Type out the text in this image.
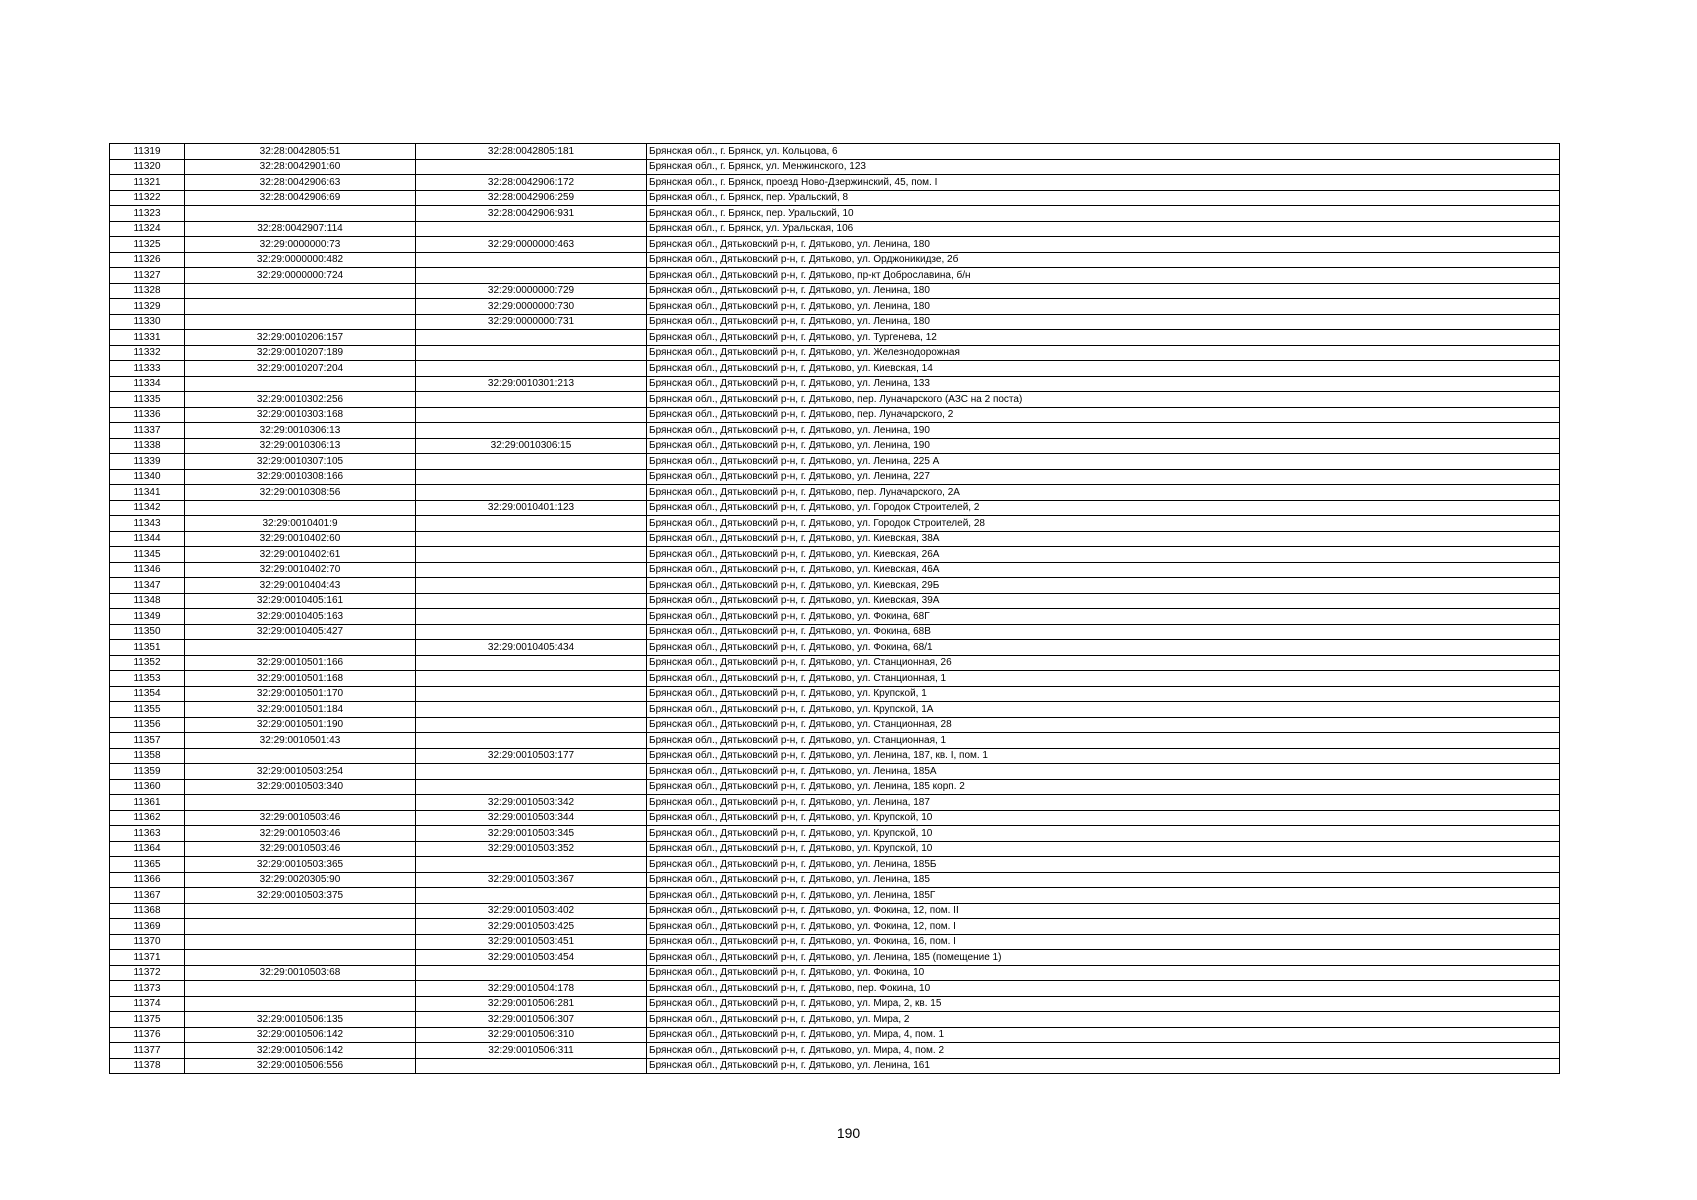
11319	32:28:0042805:51	32:28:0042805:181	Брянская обл., г. Брянск, ул. Кольцова, 6
11320	32:28:0042901:60		Брянская обл., г. Брянск, ул. Менжинского, 123
11321	32:28:0042906:63	32:28:0042906:172	Брянская обл., г. Брянск, проезд Ново-Дзержинский, 45, пом. I
11322	32:28:0042906:69	32:28:0042906:259	Брянская обл., г. Брянск, пер. Уральский, 8
11323		32:28:0042906:931	Брянская обл., г. Брянск, пер. Уральский, 10
11324	32:28:0042907:114		Брянская обл., г. Брянск, ул. Уральская, 106
11325	32:29:0000000:73	32:29:0000000:463	Брянская обл., Дятьковский р-н, г. Дятьково, ул. Ленина, 180
11326	32:29:0000000:482		Брянская обл., Дятьковский р-н, г. Дятьково, ул. Орджоникидзе, 2б
11327	32:29:0000000:724		Брянская обл., Дятьковский р-н, г. Дятьково, пр-кт Доброславина, б/н
11328		32:29:0000000:729	Брянская обл., Дятьковский р-н, г. Дятьково, ул. Ленина, 180
11329		32:29:0000000:730	Брянская обл., Дятьковский р-н, г. Дятьково, ул. Ленина, 180
11330		32:29:0000000:731	Брянская обл., Дятьковский р-н, г. Дятьково, ул. Ленина, 180
11331	32:29:0010206:157		Брянская обл., Дятьковский р-н, г. Дятьково, ул. Тургенева, 12
11332	32:29:0010207:189		Брянская обл., Дятьковский р-н, г. Дятьково, ул. Железнодорожная
11333	32:29:0010207:204		Брянская обл., Дятьковский р-н, г. Дятьково, ул. Киевская, 14
11334		32:29:0010301:213	Брянская обл., Дятьковский р-н, г. Дятьково, ул. Ленина, 133
11335	32:29:0010302:256		Брянская обл., Дятьковский р-н, г. Дятьково, пер. Луначарского (АЗС на 2 поста)
11336	32:29:0010303:168		Брянская обл., Дятьковский р-н, г. Дятьково, пер. Луначарского, 2
11337	32:29:0010306:13		Брянская обл., Дятьковский р-н, г. Дятьково, ул. Ленина, 190
11338	32:29:0010306:13	32:29:0010306:15	Брянская обл., Дятьковский р-н, г. Дятьково, ул. Ленина, 190
11339	32:29:0010307:105		Брянская обл., Дятьковский р-н, г. Дятьково, ул. Ленина, 225 А
11340	32:29:0010308:166		Брянская обл., Дятьковский р-н, г. Дятьково, ул. Ленина, 227
11341	32:29:0010308:56		Брянская обл., Дятьковский р-н, г. Дятьково, пер. Луначарского, 2А
11342		32:29:0010401:123	Брянская обл., Дятьковский р-н, г. Дятьково, ул. Городок Строителей, 2
11343	32:29:0010401:9		Брянская обл., Дятьковский р-н, г. Дятьково, ул. Городок Строителей, 28
11344	32:29:0010402:60		Брянская обл., Дятьковский р-н, г. Дятьково, ул. Киевская, 38А
11345	32:29:0010402:61		Брянская обл., Дятьковский р-н, г. Дятьково, ул. Киевская, 26А
11346	32:29:0010402:70		Брянская обл., Дятьковский р-н, г. Дятьково, ул. Киевская, 46А
11347	32:29:0010404:43		Брянская обл., Дятьковский р-н, г. Дятьково, ул. Киевская, 29Б
11348	32:29:0010405:161		Брянская обл., Дятьковский р-н, г. Дятьково, ул. Киевская, 39А
11349	32:29:0010405:163		Брянская обл., Дятьковский р-н, г. Дятьково, ул. Фокина, 68Г
11350	32:29:0010405:427		Брянская обл., Дятьковский р-н, г. Дятьково, ул. Фокина, 68В
11351		32:29:0010405:434	Брянская обл., Дятьковский р-н, г. Дятьково, ул. Фокина, 68/1
11352	32:29:0010501:166		Брянская обл., Дятьковский р-н, г. Дятьково, ул. Станционная, 26
11353	32:29:0010501:168		Брянская обл., Дятьковский р-н, г. Дятьково, ул. Станционная, 1
11354	32:29:0010501:170		Брянская обл., Дятьковский р-н, г. Дятьково, ул. Крупской, 1
11355	32:29:0010501:184		Брянская обл., Дятьковский р-н, г. Дятьково, ул. Крупской, 1А
11356	32:29:0010501:190		Брянская обл., Дятьковский р-н, г. Дятьково, ул. Станционная, 28
11357	32:29:0010501:43		Брянская обл., Дятьковский р-н, г. Дятьково, ул. Станционная, 1
11358		32:29:0010503:177	Брянская обл., Дятьковский р-н, г. Дятьково, ул. Ленина, 187, кв. I, пом. 1
11359	32:29:0010503:254		Брянская обл., Дятьковский р-н, г. Дятьково, ул. Ленина, 185А
11360	32:29:0010503:340		Брянская обл., Дятьковский р-н, г. Дятьково, ул. Ленина, 185 корп. 2
11361		32:29:0010503:342	Брянская обл., Дятьковский р-н, г. Дятьково, ул. Ленина, 187
11362	32:29:0010503:46	32:29:0010503:344	Брянская обл., Дятьковский р-н, г. Дятьково, ул. Крупской, 10
11363	32:29:0010503:46	32:29:0010503:345	Брянская обл., Дятьковский р-н, г. Дятьково, ул. Крупской, 10
11364	32:29:0010503:46	32:29:0010503:352	Брянская обл., Дятьковский р-н, г. Дятьково, ул. Крупской, 10
11365	32:29:0010503:365		Брянская обл., Дятьковский р-н, г. Дятьково, ул. Ленина, 185Б
11366	32:29:0020305:90	32:29:0010503:367	Брянская обл., Дятьковский р-н, г. Дятьково, ул. Ленина, 185
11367	32:29:0010503:375		Брянская обл., Дятьковский р-н, г. Дятьково, ул. Ленина, 185Г
11368		32:29:0010503:402	Брянская обл., Дятьковский р-н, г. Дятьково, ул. Фокина, 12, пом. II
11369		32:29:0010503:425	Брянская обл., Дятьковский р-н, г. Дятьково, ул. Фокина, 12, пом. I
11370		32:29:0010503:451	Брянская обл., Дятьковский р-н, г. Дятьково, ул. Фокина, 16, пом. I
11371		32:29:0010503:454	Брянская обл., Дятьковский р-н, г. Дятьково, ул. Ленина, 185 (помещение 1)
11372	32:29:0010503:68		Брянская обл., Дятьковский р-н, г. Дятьково, ул. Фокина, 10
11373		32:29:0010504:178	Брянская обл., Дятьковский р-н, г. Дятьково, пер. Фокина, 10
11374		32:29:0010506:281	Брянская обл., Дятьковский р-н, г. Дятьково, ул. Мира, 2, кв. 15
11375	32:29:0010506:135	32:29:0010506:307	Брянская обл., Дятьковский р-н, г. Дятьково, ул. Мира, 2
11376	32:29:0010506:142	32:29:0010506:310	Брянская обл., Дятьковский р-н, г. Дятьково, ул. Мира, 4, пом. 1
11377	32:29:0010506:142	32:29:0010506:311	Брянская обл., Дятьковский р-н, г. Дятьково, ул. Мира, 4, пом. 2
11378	32:29:0010506:556		Брянская обл., Дятьковский р-н, г. Дятьково, ул. Ленина, 161
190
